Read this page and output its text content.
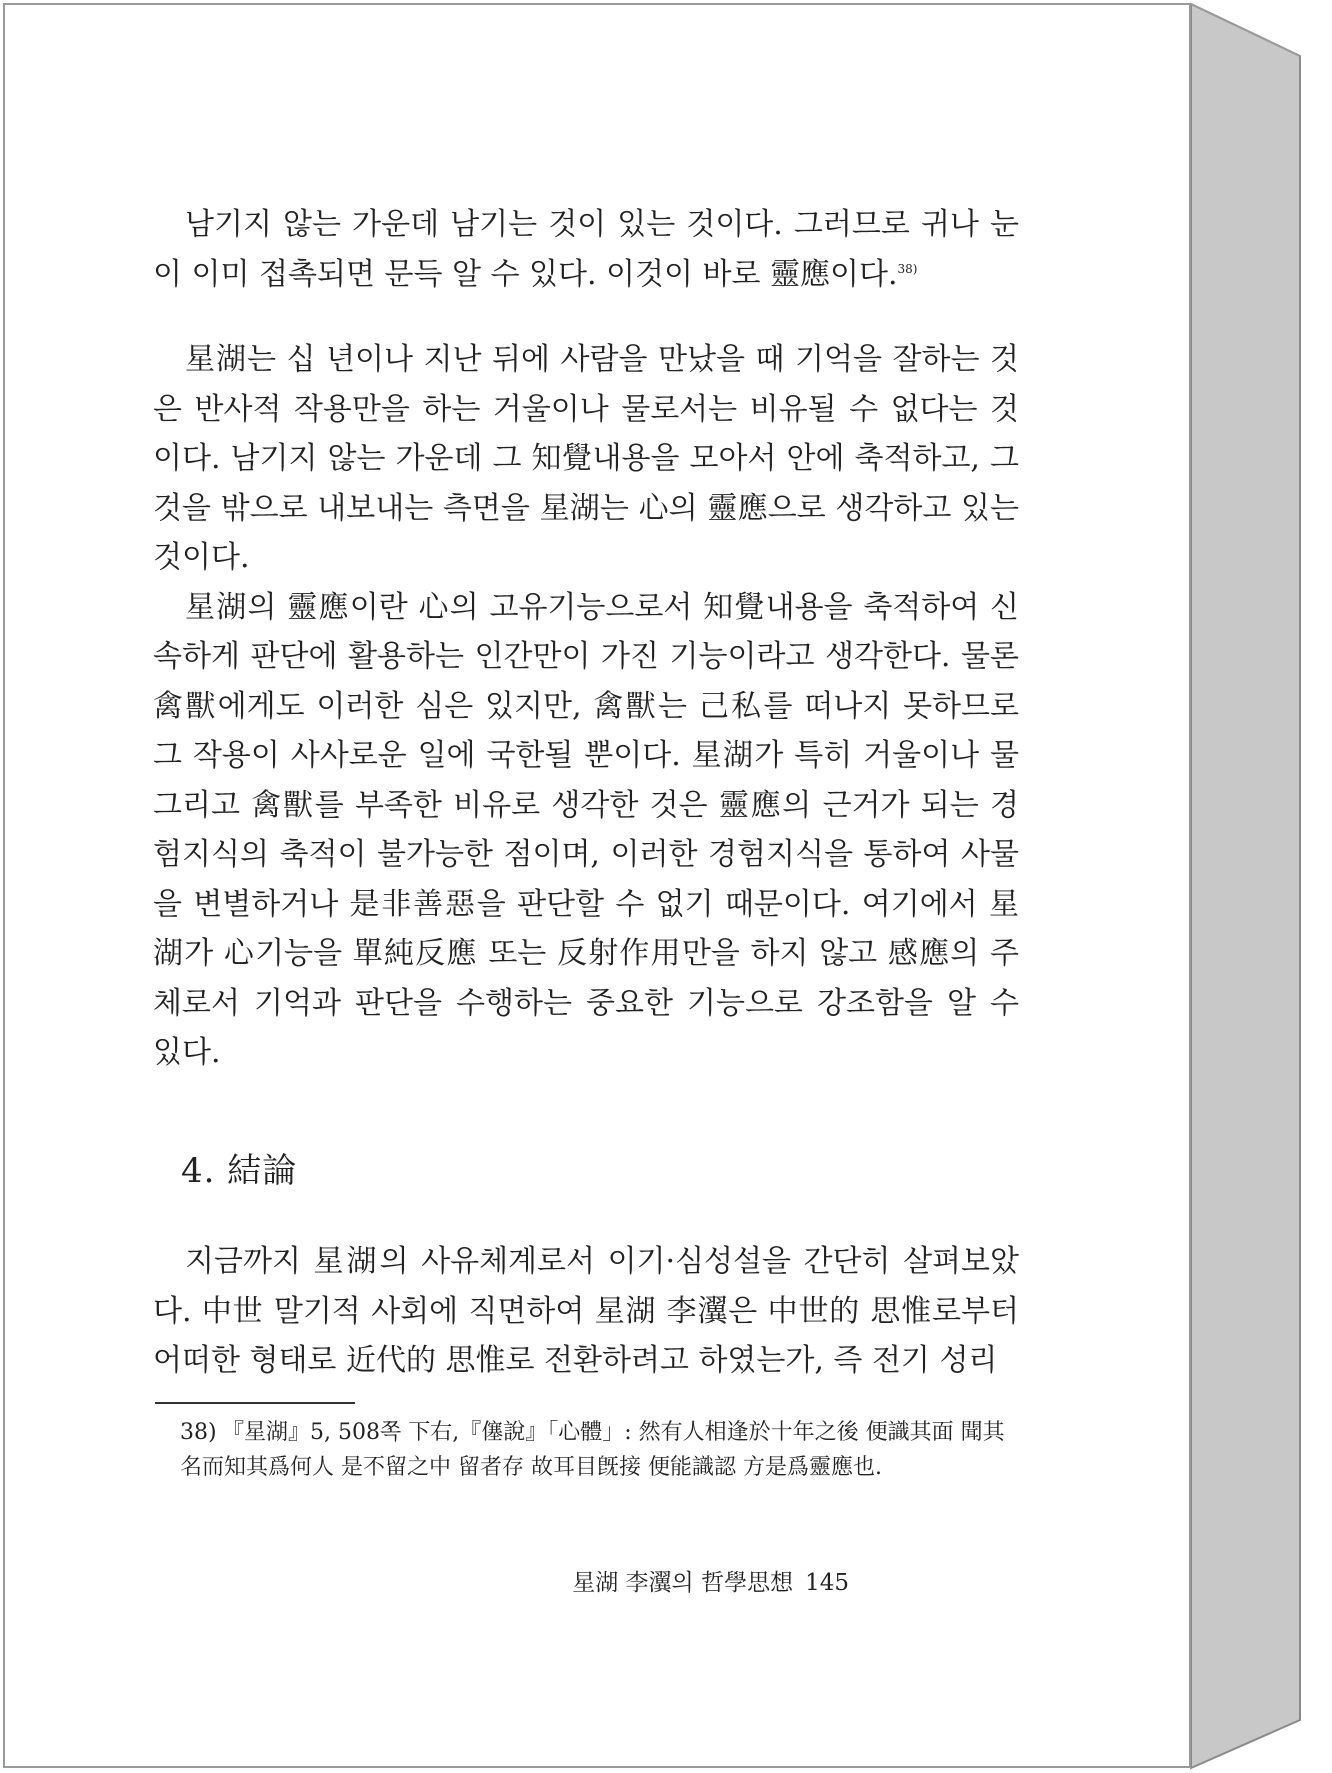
남기지 않는 가운데 남기는 것이 있는 것이다. 그러므로 귀나 눈이 이미 접촉되면 문득 알 수 있다. 이것이 바로 靈應이다.$^{38)}$

星湖는 십 년이나 지난 뒤에 사람을 만났을 때 기억을 잘하는 것은 반사적 작용만을 하는 거울이나 물로서는 비유될 수 없다는 것이다. 남기지 않는 가운데 그 知覺내용을 모아서 안에 축적하고, 그것을 밖으로 내보내는 측면을 星湖는 心의 靈應으로 생각하고 있는 것이다.

星湖의 靈應이란 心의 고유기능으로서 知覺내용을 축적하여 신속하게 판단에 활용하는 인간만이 가진 기능이라고 생각한다. 물론 禽獸에게도 이러한 심은 있지만, 禽獸는 己私를 떠나지 못하므로 그 작용이 사사로운 일에 국한될 뿐이다. 星湖가 특히 거울이나 물 그리고 禽獸를 부족한 비유로 생각한 것은 靈應의 근거가 되는 경험지식의 축적이 불가능한 점이며, 이러한 경험지식을 통하여 사물을 변별하거나 是非善惡을 판단할 수 없기 때문이다. 여기에서 星湖가 心기능을 單純反應 또는 反射作用만을 하지 않고 感應의 주체로서 기억과 판단을 수행하는 중요한 기능으로 강조함을 알 수 있다.

4. 結論

지금까지 星湖의 사유체계로서 이기·심성설을 간단히 살펴보았다. 中世 말기적 사회에 직면하여 星湖 李瀷은 中世的 思惟로부터 어떠한 형태로 近代的 思惟로 전환하려고 하였는가, 즉 전기 성리

38) 『星湖』5, 508쪽 下右,『僿說』「心體」: 然有人相逢於十年之後 便識其面 聞其名而知其爲何人 是不留之中 留者存 故耳目旣接 便能識認 方是爲靈應也.
星湖 李瀷의 哲學思想 145
